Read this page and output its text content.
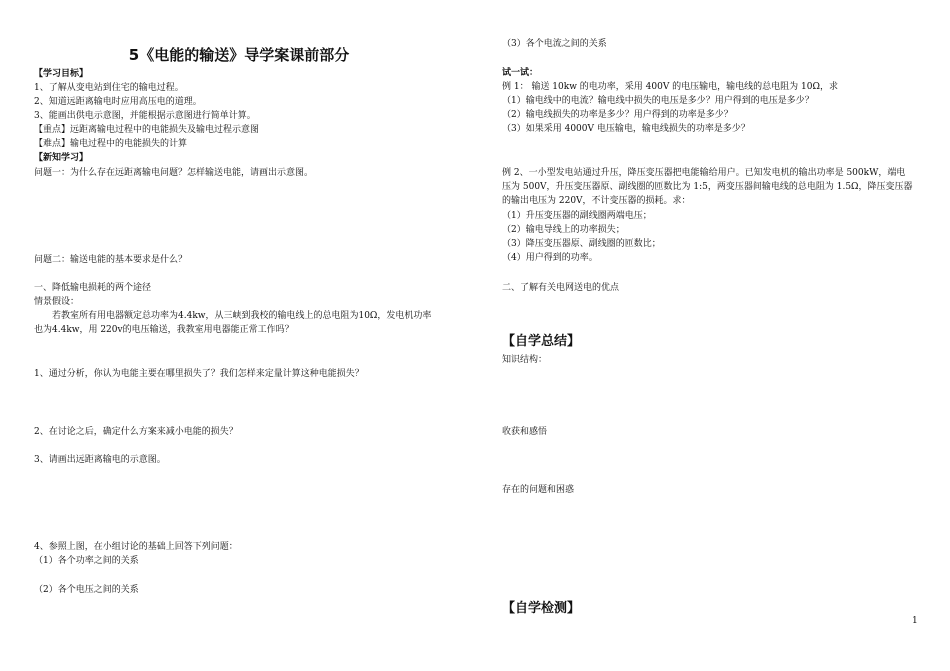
5《电能的输送》导学案课前部分
【学习目标】
1、了解从变电站到住宅的输电过程。
2、知道远距离输电时应用高压电的道理。
3、能画出供电示意图，并能根据示意图进行简单计算。
【重点】远距离输电过程中的电能损失及输电过程示意图
【难点】输电过程中的电能损失的计算
【新知学习】
问题一：为什么存在远距离输电问题？怎样输送电能，请画出示意图。
问题二：输送电能的基本要求是什么？
一、降低输电损耗的两个途径
情景假设：
若教室所有用电器额定总功率为4.4kw，从三峡到我校的输电线上的总电阻为10Ω，发电机功率
也为4.4kw，用 220v的电压输送，我教室用电器能正常工作吗？
1、通过分析，你认为电能主要在哪里损失了？我们怎样来定量计算这种电能损失？
2、在讨论之后，确定什么方案来减小电能的损失？
3、请画出远距离输电的示意图。
4、参照上图，在小组讨论的基础上回答下列问题：
（1）各个功率之间的关系
（2）各个电压之间的关系
（3）各个电流之间的关系
试一试：
例 1： 输送 10kw 的电功率，采用 400V 的电压输电，输电线的总电阻为 10Ω，求
（1）输电线中的电流？输电线中损失的电压是多少？用户得到的电压是多少？
（2）输电线损失的功率是多少？用户得到的功率是多少？
（3）如果采用 4000V 电压输电，输电线损失的功率是多少？
例 2、一小型发电站通过升压，降压变压器把电能输给用户。已知发电机的输出功率是 500kW，端电
压为 500V，升压变压器原、副线圈的匝数比为 1:5，两变压器间输电线的总电阻为 1.5Ω，降压变压器
的输出电压为 220V，不计变压器的损耗。求：
（1）升压变压器的副线圈两端电压；
（2）输电导线上的功率损失；
（3）降压变压器原、副线圈的匝数比；
（4）用户得到的功率。
二、了解有关电网送电的优点
【自学总结】
知识结构：
收获和感悟
存在的问题和困惑
【自学检测】
1
